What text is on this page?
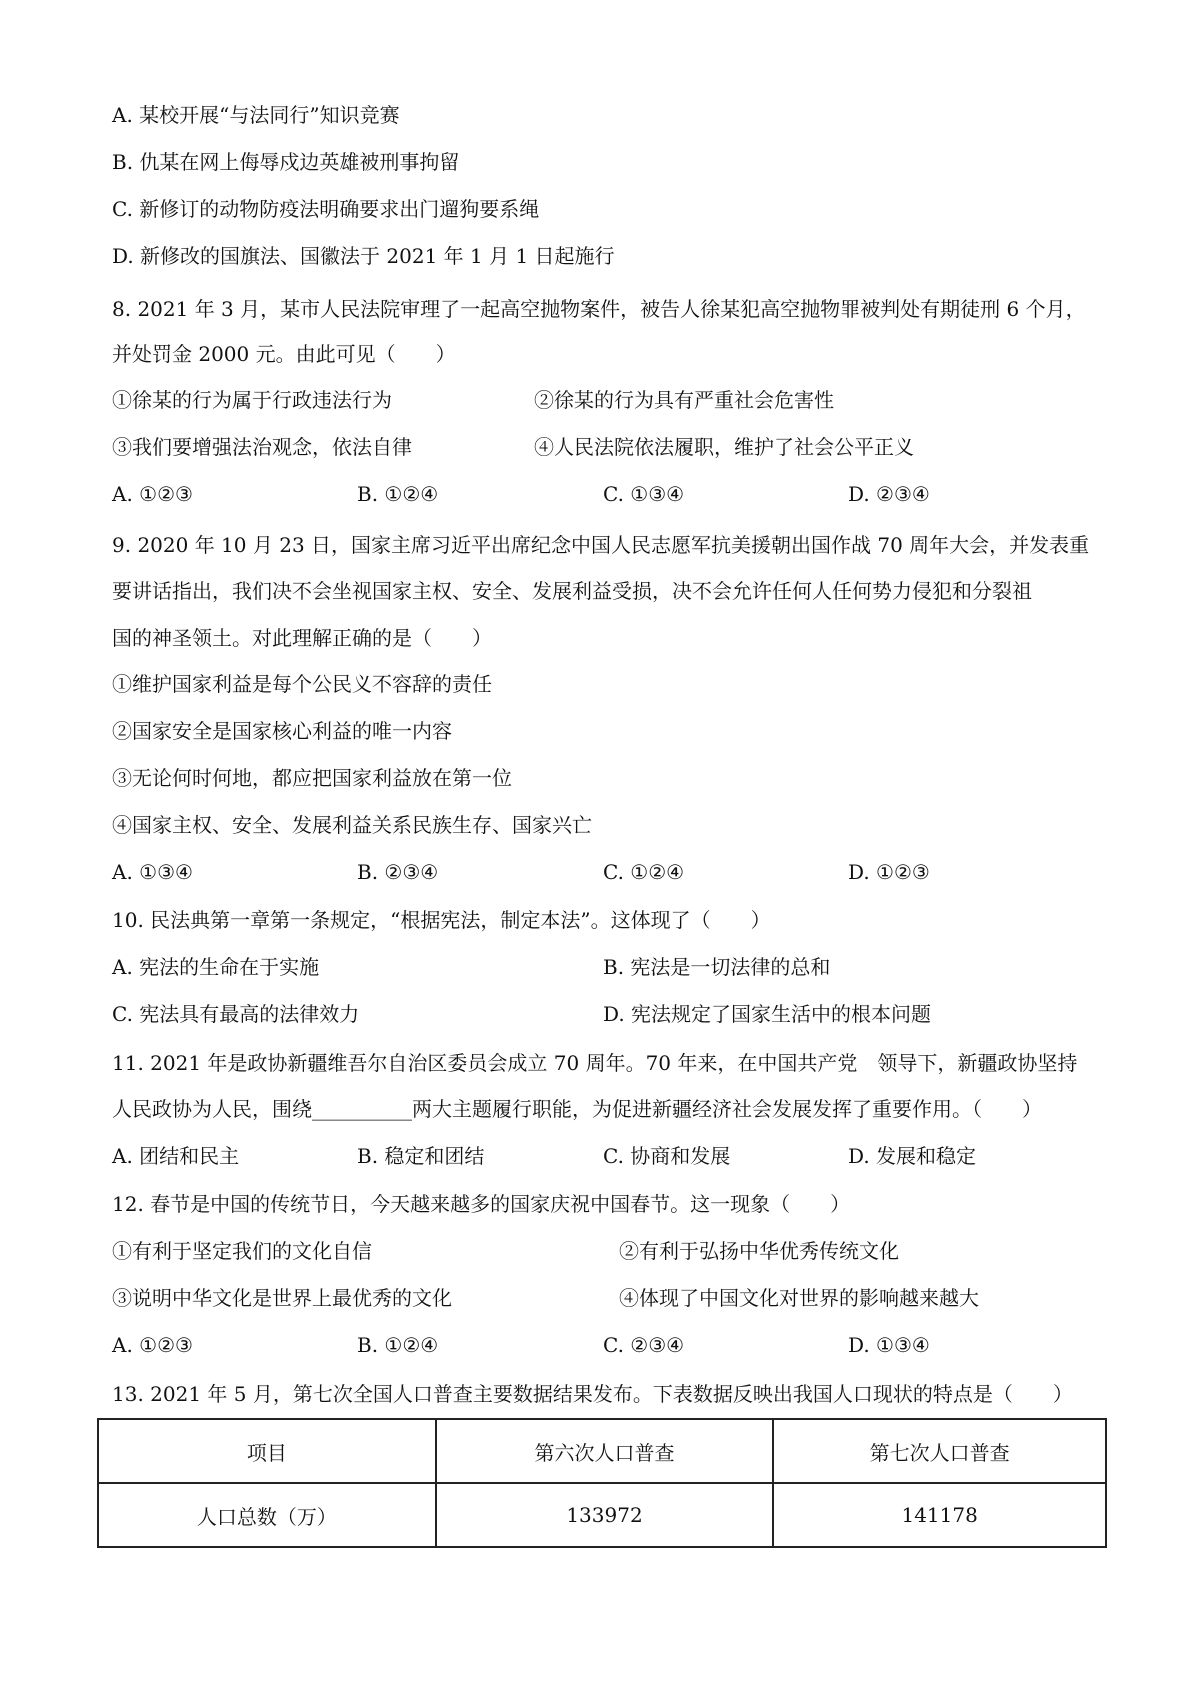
A. 某校开展“与法同行”知识竞赛
B. 仇某在网上侮辱戍边英雄被刑事拘留
C. 新修订的动物防疫法明确要求出门遛狗要系绳
D. 新修改的国旗法、国徽法于 2021 年 1 月 1 日起施行
8. 2021 年 3 月，某市人民法院审理了一起高空抛物案件，被告人徐某犯高空抛物罪被判处有期徒刑 6 个月，
并处罚金 2000 元。由此可见（　　）
①徐某的行为属于行政违法行为	②徐某的行为具有严重社会危害性
③我们要增强法治观念，依法自律	④人民法院依法履职，维护了社会公平正义
A. ①②③	B. ①②④	C. ①③④	D. ②③④
9. 2020 年 10 月 23 日，国家主席习近平出席纪念中国人民志愿军抗美援朝出国作战 70 周年大会，并发表重
要讲话指出，我们决不会坐视国家主权、安全、发展利益受损，决不会允许任何人任何势力侵犯和分裂祖
国的神圣领土。对此理解正确的是（　　）
①维护国家利益是每个公民义不容辞的责任
②国家安全是国家核心利益的唯一内容
③无论何时何地，都应把国家利益放在第一位
④国家主权、安全、发展利益关系民族生存、国家兴亡
A. ①③④	B. ②③④	C. ①②④	D. ①②③
10. 民法典第一章第一条规定，“根据宪法，制定本法”。这体现了（　　）
A. 宪法的生命在于实施	B. 宪法是一切法律的总和
C. 宪法具有最高的法律效力	D. 宪法规定了国家生活中的根本问题
11. 2021 年是政协新疆维吾尔自治区委员会成立 70 周年。70 年来，在中国共产党　领导下，新疆政协坚持
人民政协为人民，围绕__________两大主题履行职能，为促进新疆经济社会发展发挥了重要作用。（　　）
A. 团结和民主	B. 稳定和团结	C. 协商和发展	D. 发展和稳定
12. 春节是中国的传统节日，今天越来越多的国家庆祝中国春节。这一现象（　　）
①有利于坚定我们的文化自信	②有利于弘扬中华优秀传统文化
③说明中华文化是世界上最优秀的文化	④体现了中国文化对世界的影响越来越大
A. ①②③	B. ①②④	C. ②③④	D. ①③④
13. 2021 年 5 月，第七次全国人口普查主要数据结果发布。下表数据反映出我国人口现状的特点是（　　）
项目	第六次人口普查	第七次人口普查
人口总数（万）	133972	141178
